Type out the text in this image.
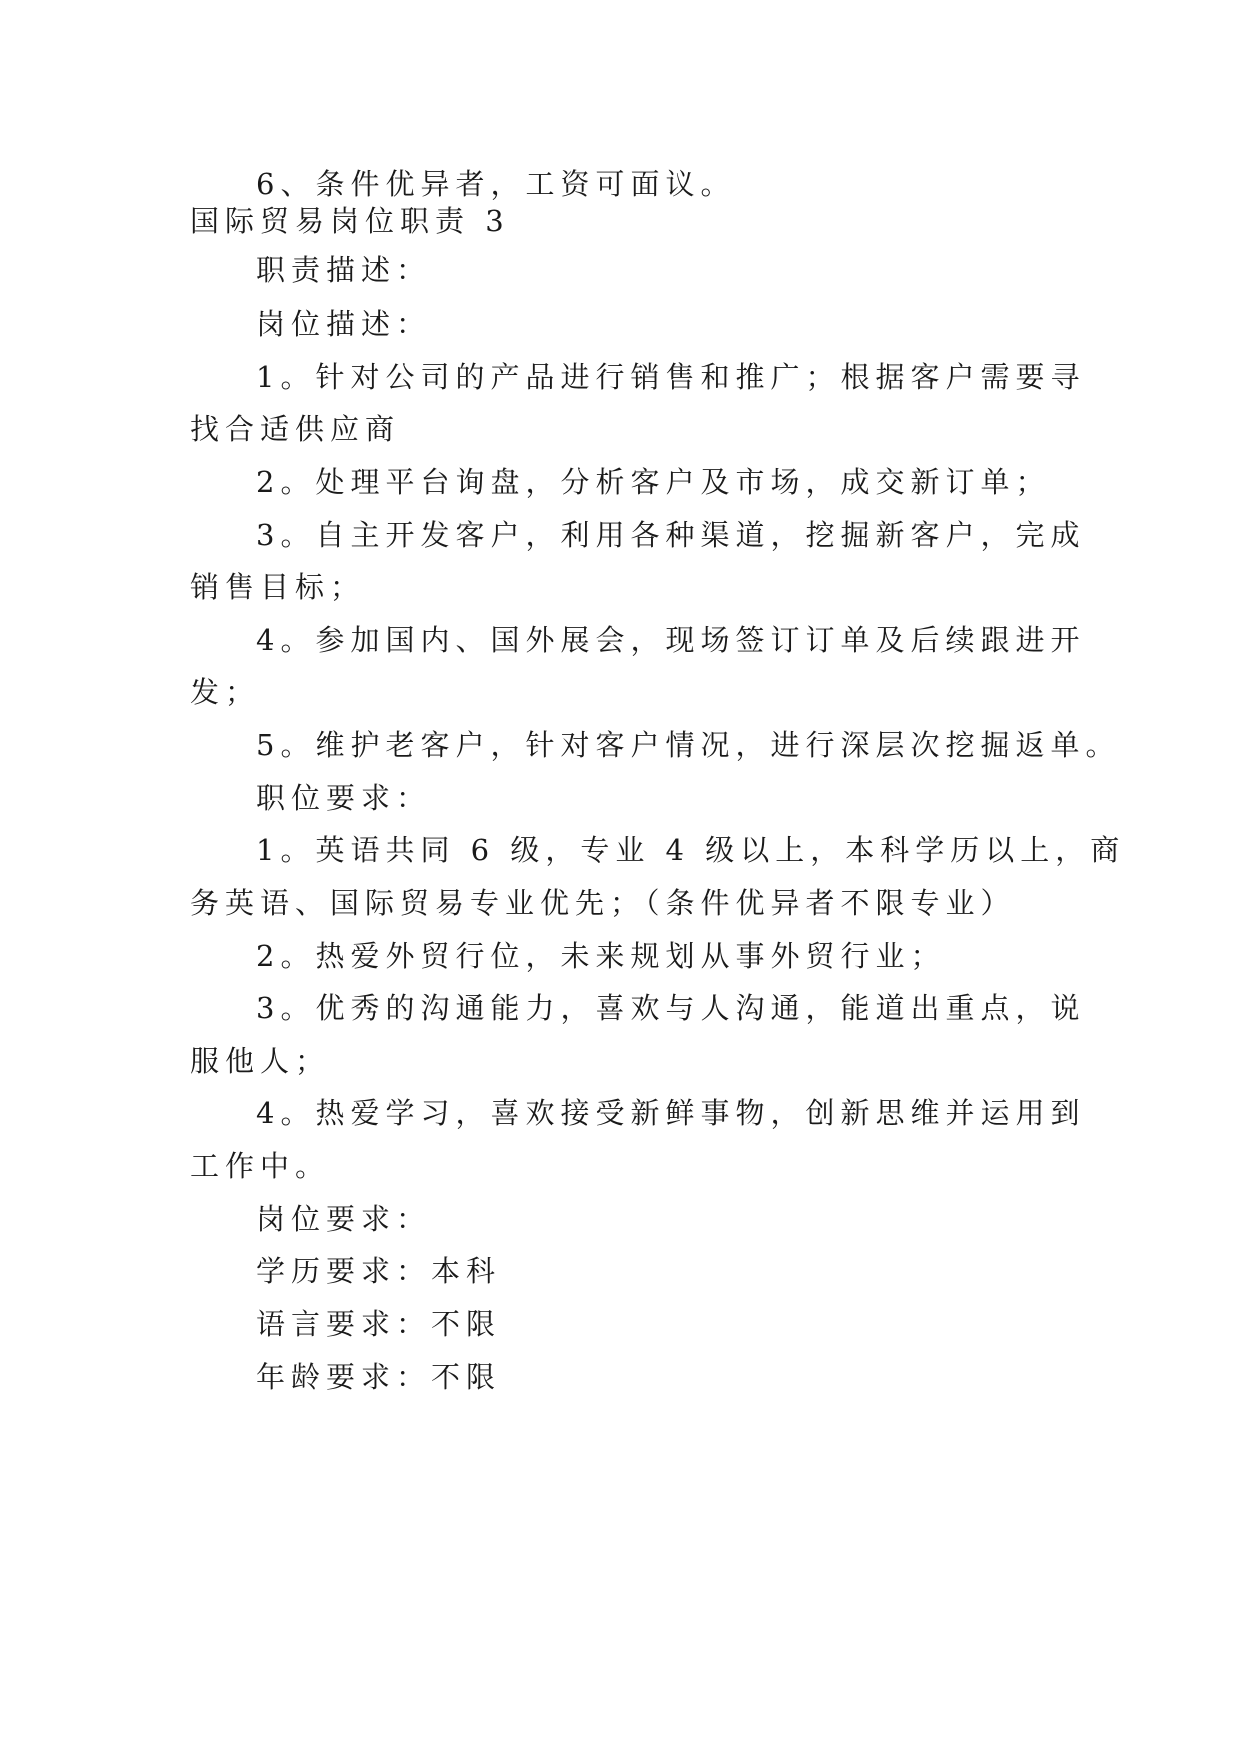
6、条件优异者，工资可面议。
国际贸易岗位职责 3
职责描述：
岗位描述：
1。针对公司的产品进行销售和推广；根据客户需要寻
找合适供应商
2。处理平台询盘，分析客户及市场，成交新订单；
3。自主开发客户，利用各种渠道，挖掘新客户，完成
销售目标；
4。参加国内、国外展会，现场签订订单及后续跟进开
发；
5。维护老客户，针对客户情况，进行深层次挖掘返单。
职位要求：
1。英语共同 6 级，专业 4 级以上，本科学历以上，商
务英语、国际贸易专业优先；（条件优异者不限专业）
2。热爱外贸行位，未来规划从事外贸行业；
3。优秀的沟通能力，喜欢与人沟通，能道出重点，说
服他人；
4。热爱学习，喜欢接受新鲜事物，创新思维并运用到
工作中。
岗位要求：
学历要求：本科
语言要求：不限
年龄要求：不限
